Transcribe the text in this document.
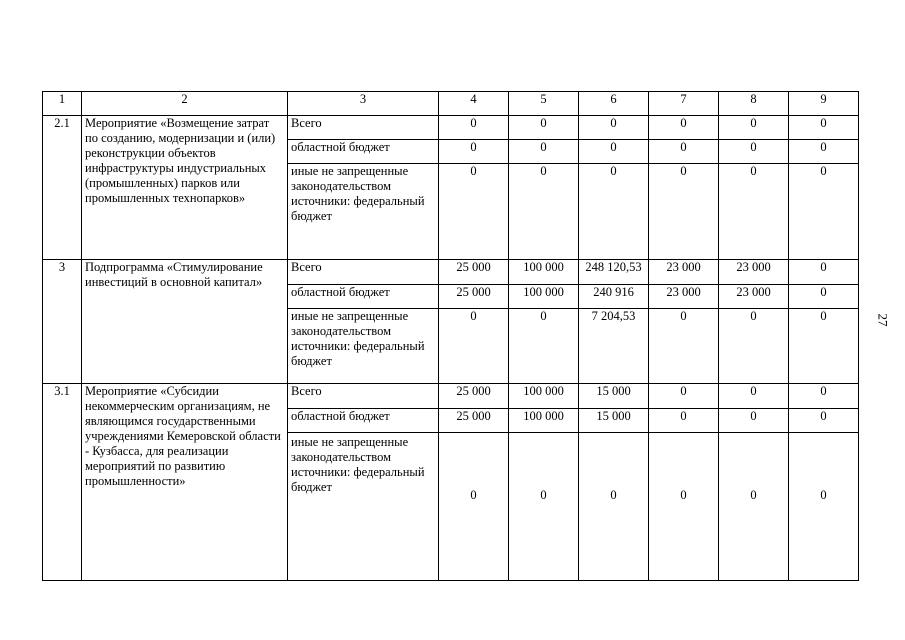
1	2	3	4	5	6	7	8	9
2.1	Мероприятие «Возмещение затрат по созданию, модернизации и (или) реконструкции объектов инфраструктуры индустриальных (промышленных) парков или промышленных технопарков»	Всего	0	0	0	0	0	0
		областной бюджет	0	0	0	0	0	0
		иные не запрещенные законодательством источники: федеральный бюджет	0	0	0	0	0	0
3	Подпрограмма «Стимулирование инвестиций в основной капитал»	Всего	25 000	100 000	248 120,53	23 000	23 000	0
		областной бюджет	25 000	100 000	240 916	23 000	23 000	0
		иные не запрещенные законодательством источники: федеральный бюджет	0	0	7 204,53	0	0	0
3.1	Мероприятие «Субсидии некоммерческим организациям, не являющимся государственными учреждениями Кемеровской области - Кузбасса, для реализации мероприятий по развитию промышленности»	Всего	25 000	100 000	15 000	0	0	0
		областной бюджет	25 000	100 000	15 000	0	0	0
		иные не запрещенные законодательством источники: федеральный бюджет	0	0	0	0	0	0
27
